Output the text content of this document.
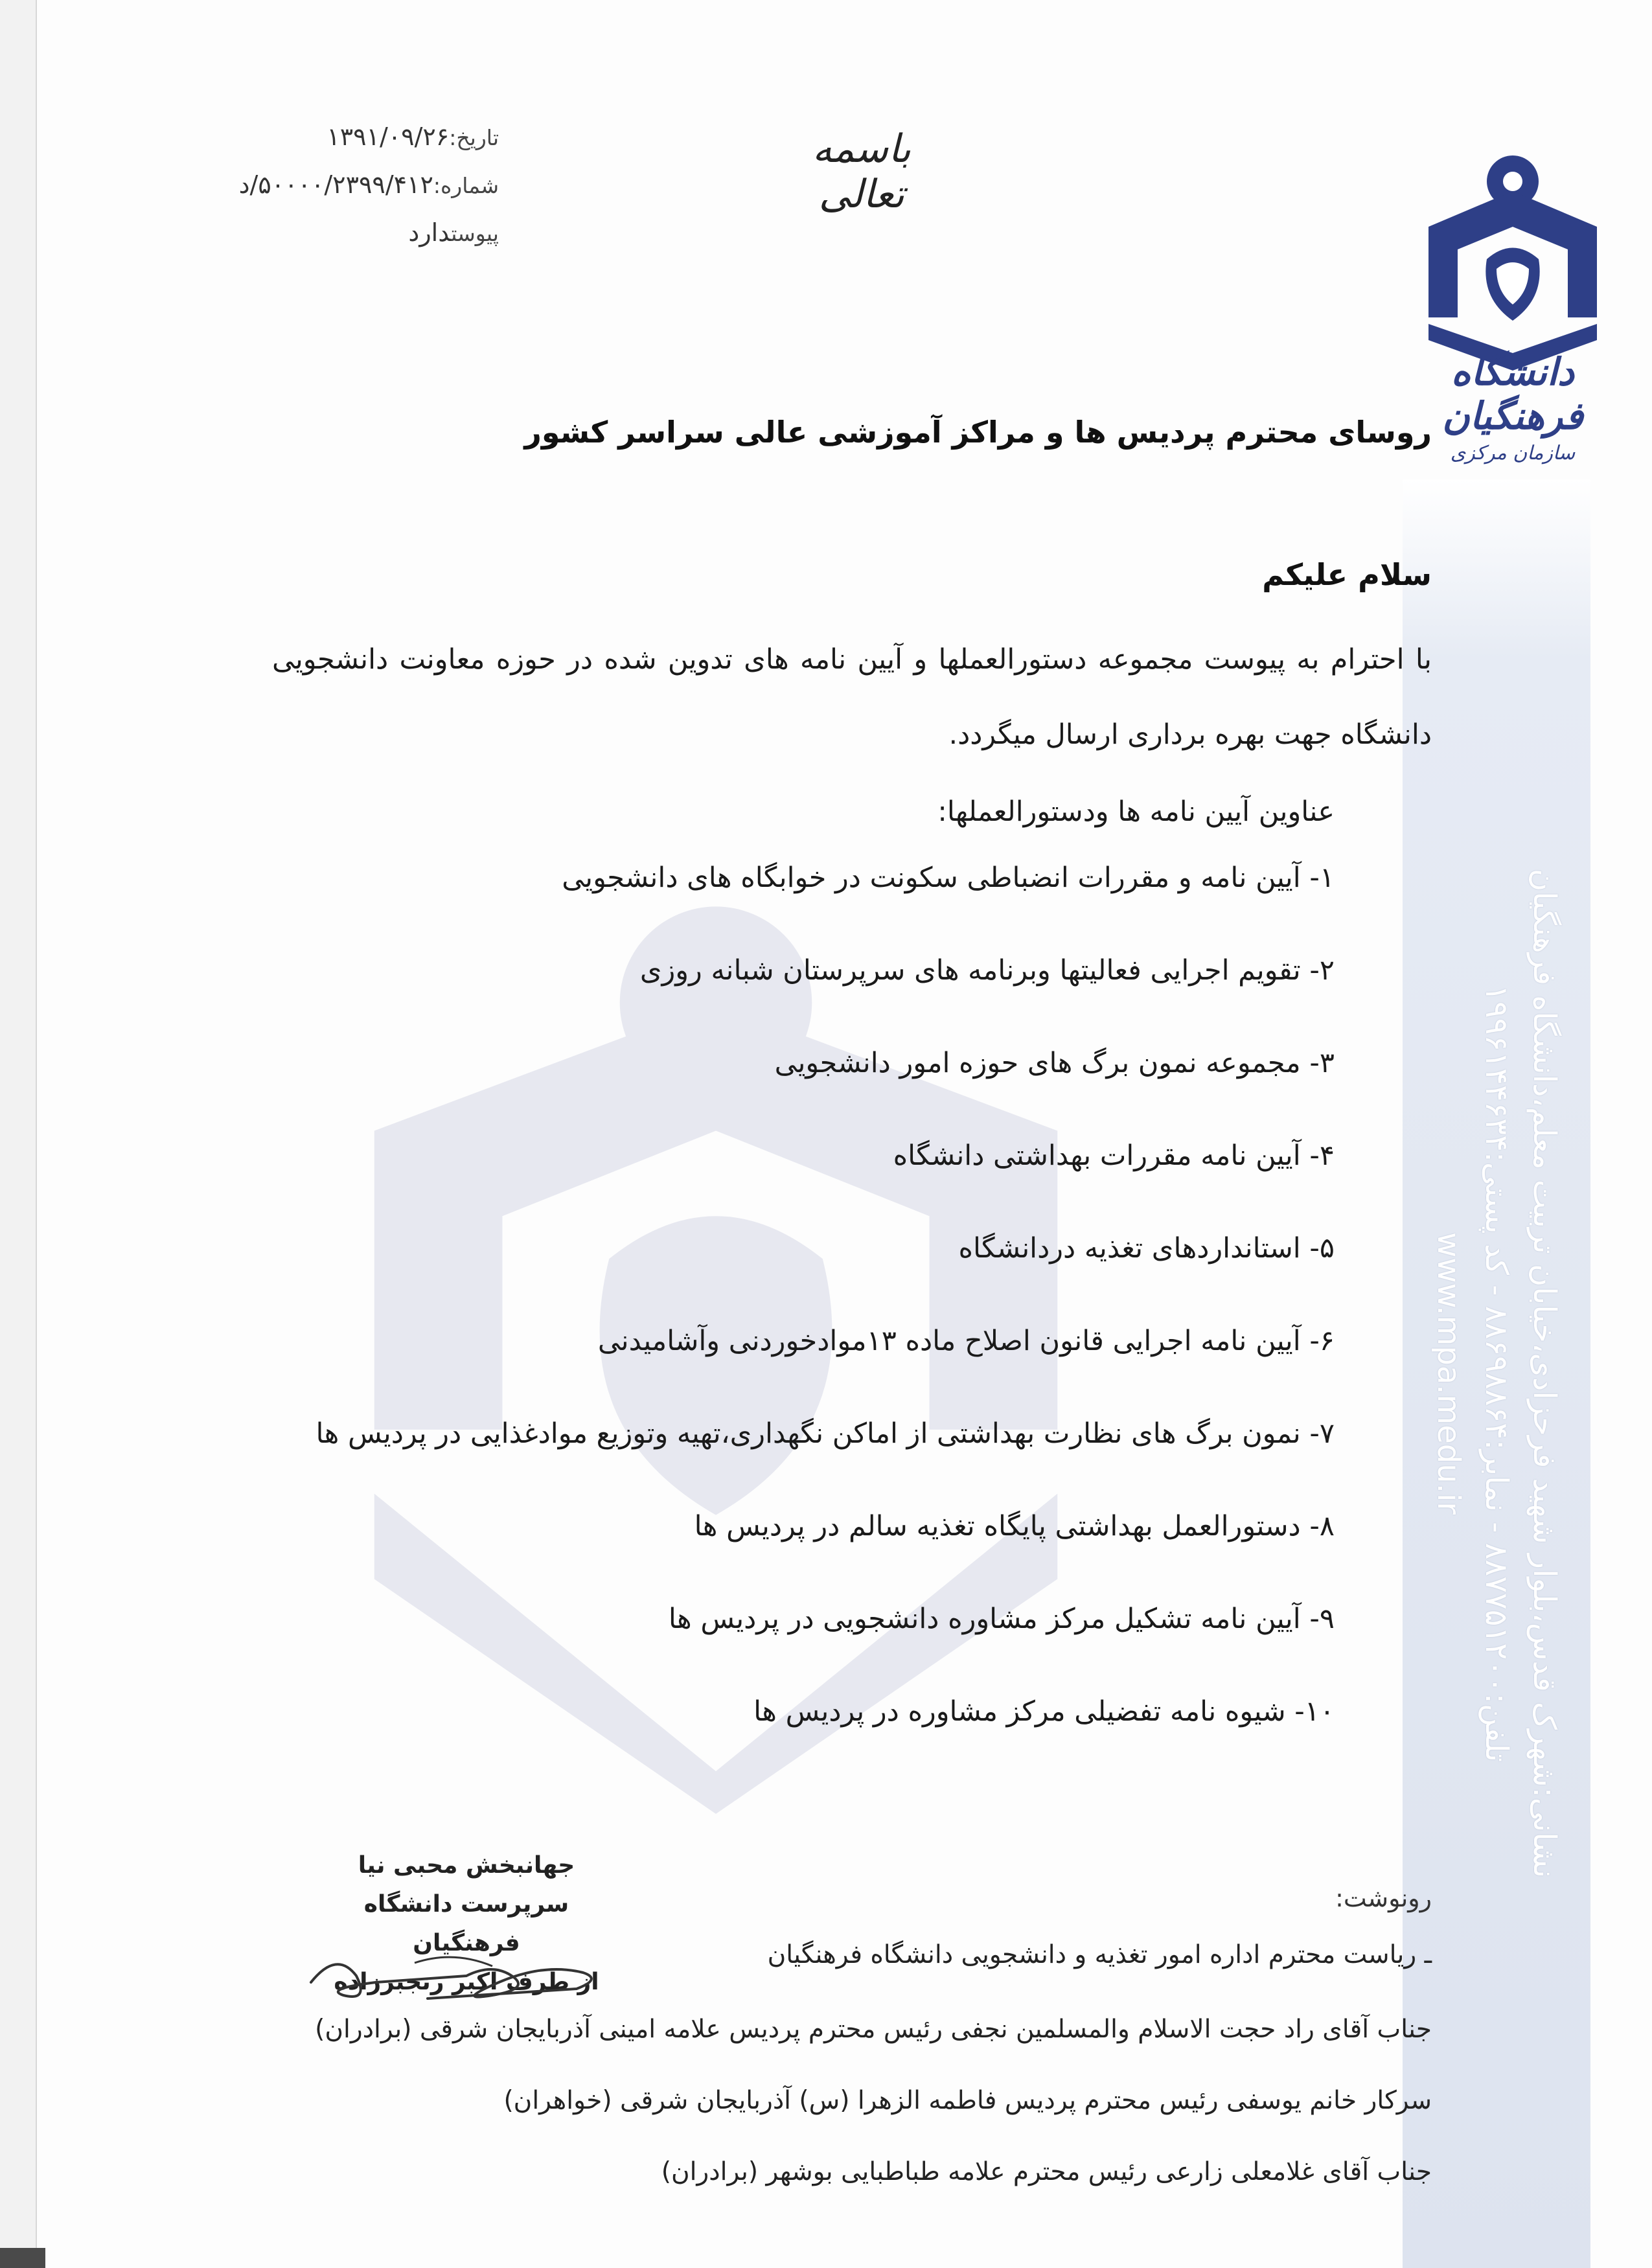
نشانی:شهرک قدس،بلوار شهید فرحزادی،خیابان تربیت معلم،دانشگاه فرهنگیان
تلفن:۸۸۷۷۵۱۲۰۰ - نمابر:۸۸۶۹۸۸۶۴ - کد پستی:۱۹۹۶۱۴۴۶۳۴
www.mpa.medu.ir
دانشگاه فرهنگیان
سازمان مرکزی
باسمه تعالی
تاریخ:۱۳۹۱/۰۹/۲۶
شماره:۵۰۰۰۰/۲۳۹۹/۴۱۲/د
پیوستدارد
روسای محترم پردیس ها و مراکز آموزشی عالی سراسر کشور
سلام علیکم
با احترام به پیوست مجموعه دستورالعملها و آیین نامه های تدوین شده در حوزه معاونت دانشجویی دانشگاه جهت بهره برداری ارسال میگردد.
عناوین آیین نامه ها ودستورالعملها:
۱- آیین نامه و مقررات انضباطی سکونت در خوابگاه های دانشجویی
۲- تقویم اجرایی فعالیتها وبرنامه های سرپرستان شبانه روزی
۳- مجموعه نمون برگ های حوزه امور دانشجویی
۴- آیین نامه مقررات بهداشتی دانشگاه
۵- استانداردهای تغذیه دردانشگاه
۶- آیین نامه اجرایی قانون اصلاح ماده ۱۳موادخوردنی وآشامیدنی
۷- نمون برگ های نظارت بهداشتی از اماکن نگهداری،تهیه وتوزیع موادغذایی در پردیس ها
۸- دستورالعمل بهداشتی پایگاه تغذیه سالم در پردیس ها
۹- آیین نامه تشکیل مرکز مشاوره دانشجویی در پردیس ها
۱۰- شیوه نامه تفضیلی مرکز مشاوره در پردیس ها
جهانبخش محبی نیا
سرپرست دانشگاه فرهنگیان
از طرف اکبر رنجبرزاده
رونوشت:
ـ ریاست محترم اداره امور تغذیه و دانشجویی دانشگاه فرهنگیان
جناب آقای راد حجت الاسلام والمسلمین نجفی رئیس محترم پردیس علامه امینی آذربایجان شرقی (برادران)
سرکار خانم یوسفی رئیس محترم پردیس فاطمه الزهرا (س) آذربایجان شرقی (خواهران)
جناب آقای غلامعلی زارعی رئیس محترم علامه طباطبایی بوشهر (برادران)
